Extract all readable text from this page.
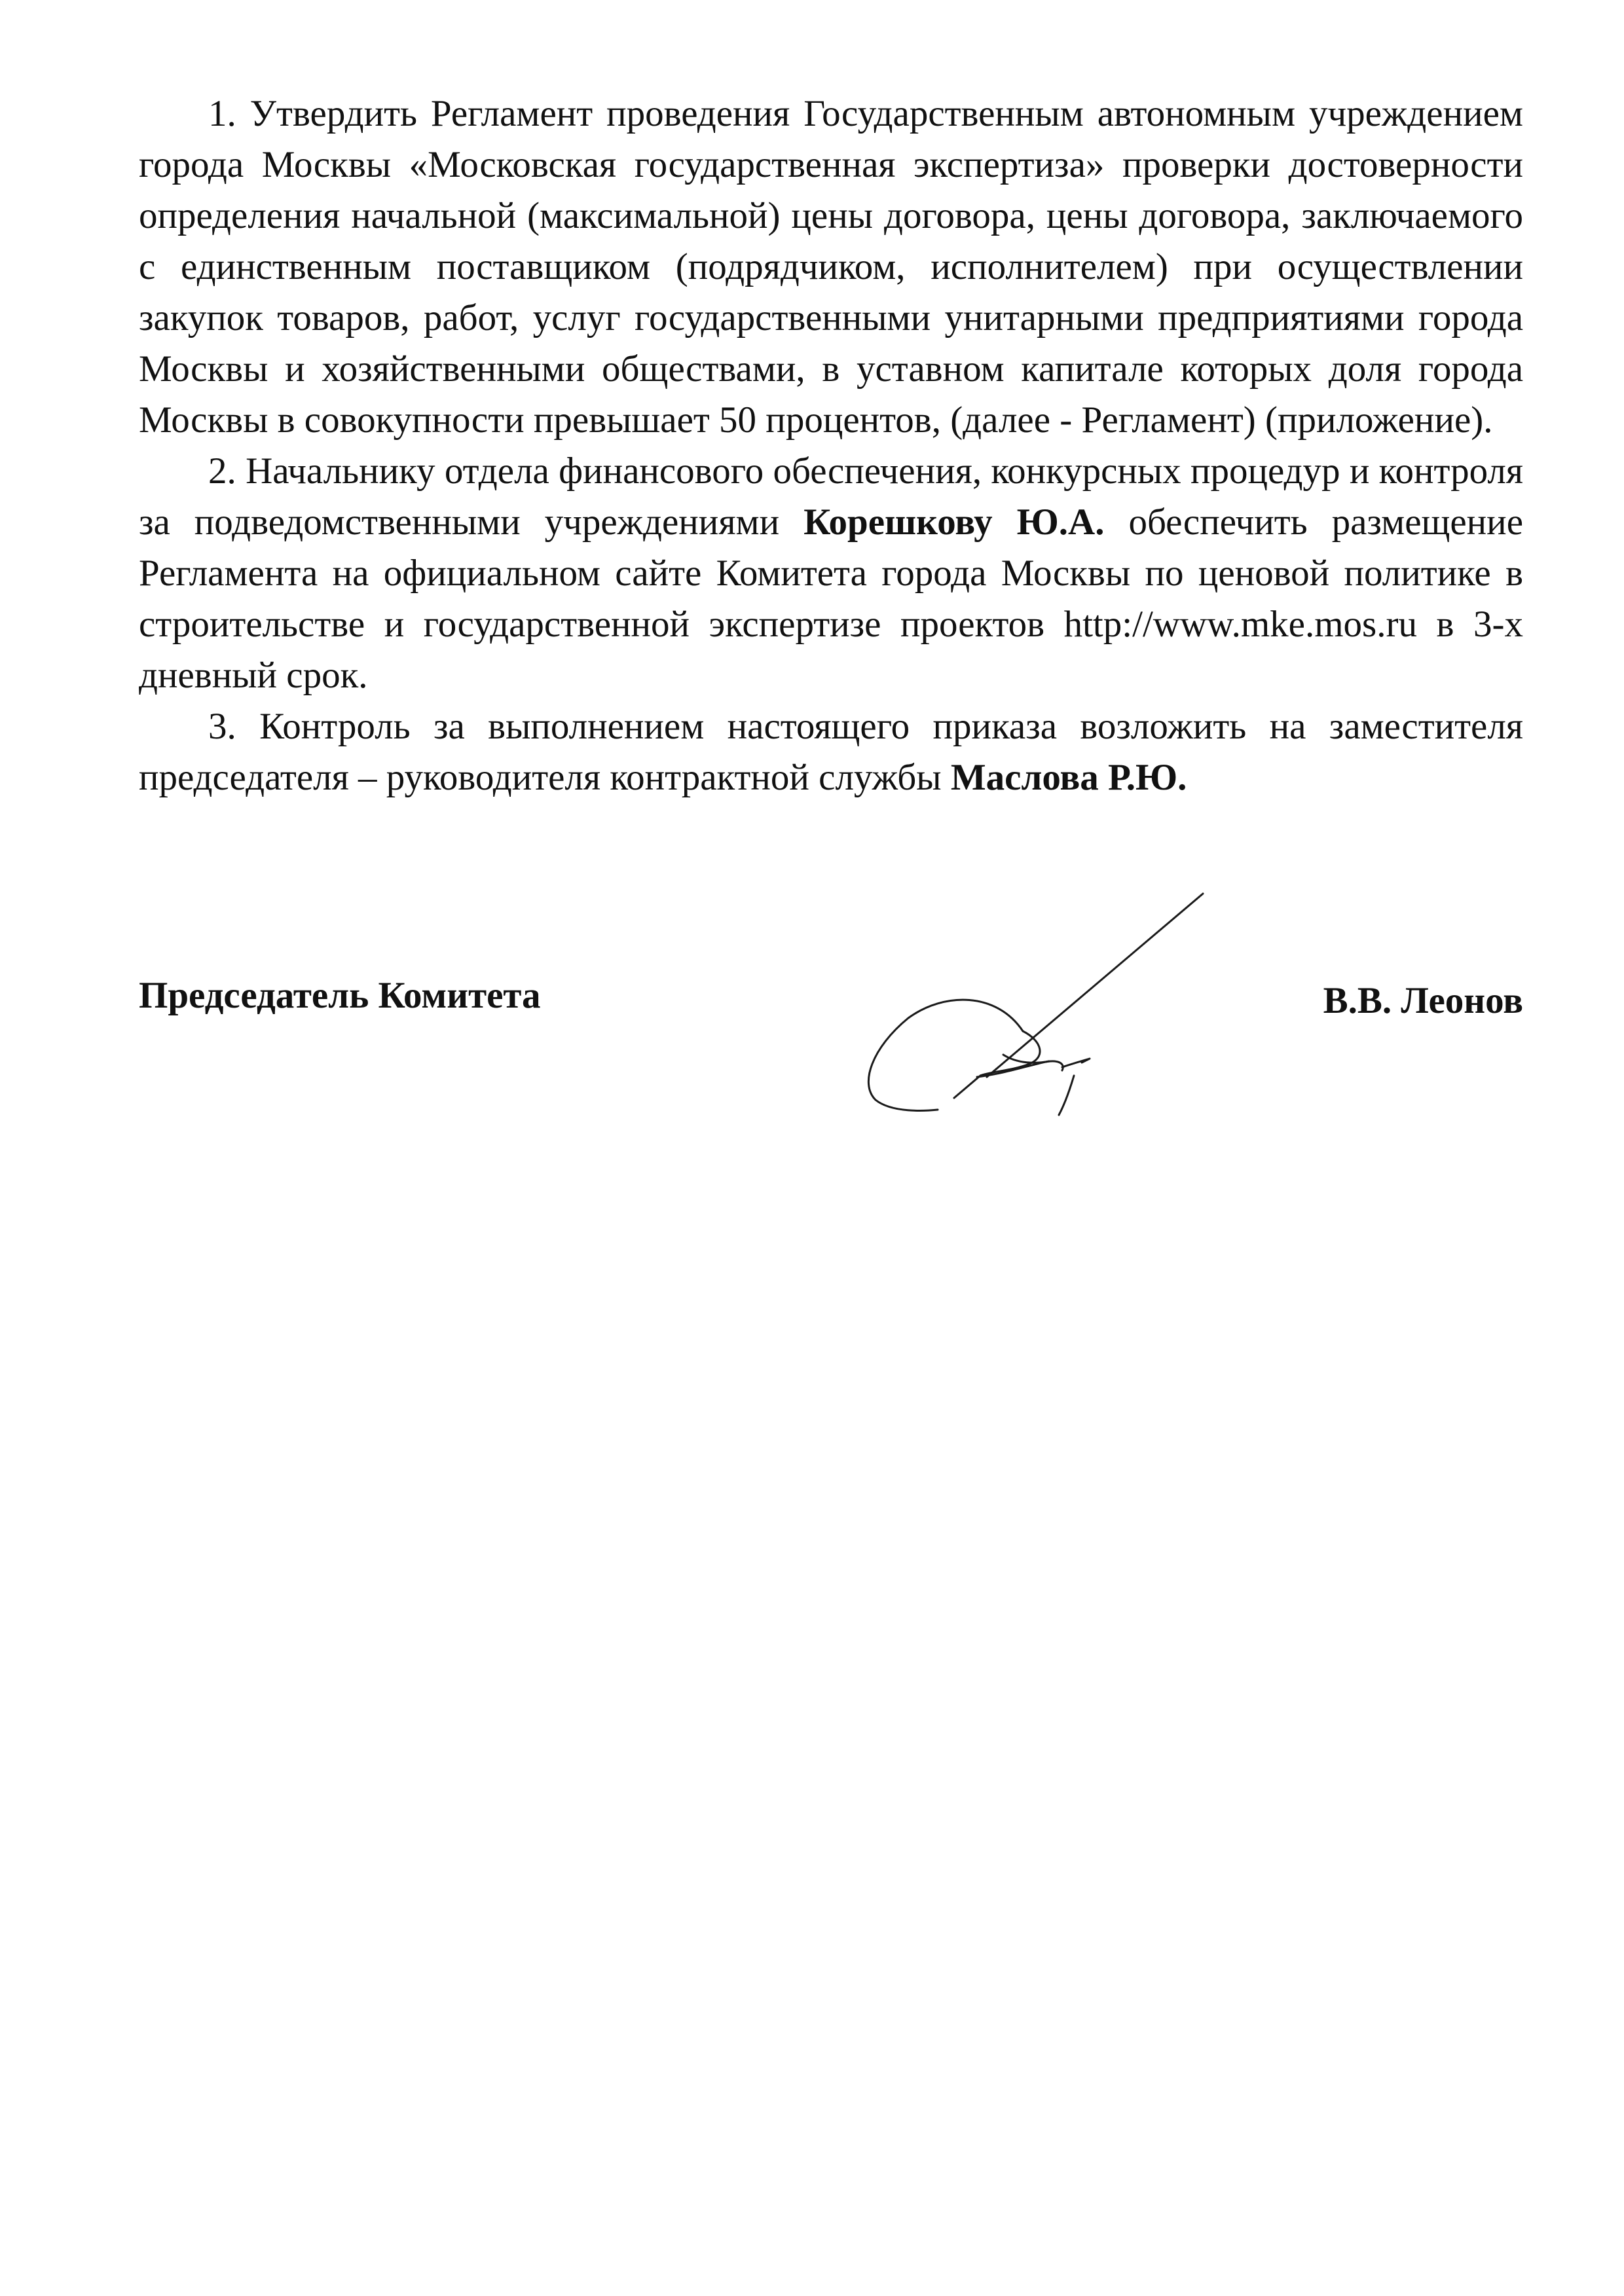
1. Утвердить Регламент проведения Государственным автономным учреждением города Москвы «Московская государственная экспертиза» проверки достоверности определения начальной (максимальной) цены договора, цены договора, заключаемого с единственным поставщиком (подрядчиком, исполнителем) при осуществлении закупок товаров, работ, услуг государственными унитарными предприятиями города Москвы и хозяйственными обществами, в уставном капитале которых доля города Москвы в совокупности превышает 50 процентов, (далее - Регламент) (приложение).

2. Начальнику отдела финансового обеспечения, конкурсных процедур и контроля за подведомственными учреждениями Корешкову Ю.А. обеспечить размещение Регламента на официальном сайте Комитета города Москвы по ценовой политике в строительстве и государственной экспертизе проектов http://www.mke.mos.ru в 3-х дневный срок.

3. Контроль за выполнением настоящего приказа возложить на заместителя председателя – руководителя контрактной службы Маслова Р.Ю.

Председатель Комитета	В.В. Леонов
